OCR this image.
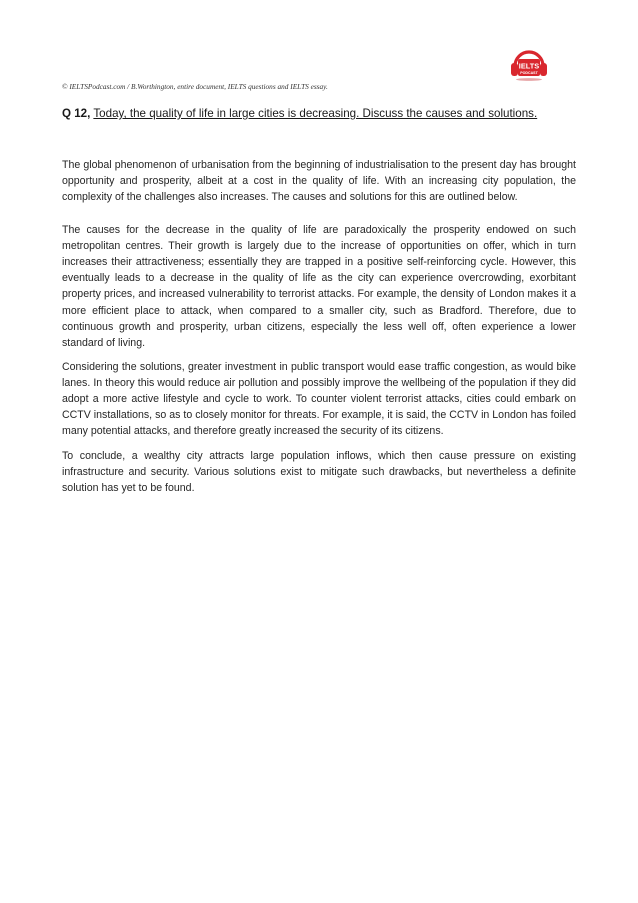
IELTS
PODCAST
© IELTSPodcast.com / B.Worthington, entire document, IELTS questions and IELTS essay.
Q 12, Today, the quality of life in large cities is decreasing. Discuss the causes and solutions.

The global phenomenon of urbanisation from the beginning of industrialisation to the present day has brought opportunity and prosperity, albeit at a cost in the quality of life. With an increasing city population, the complexity of the challenges also increases. The causes and solutions for this are outlined below.

The causes for the decrease in the quality of life are paradoxically the prosperity endowed on such metropolitan centres. Their growth is largely due to the increase of opportunities on offer, which in turn increases their attractiveness; essentially they are trapped in a positive self-reinforcing cycle. However, this eventually leads to a decrease in the quality of life as the city can experience overcrowding, exorbitant property prices, and increased vulnerability to terrorist attacks. For example, the density of London makes it a more efficient place to attack, when compared to a smaller city, such as Bradford. Therefore, due to continuous growth and prosperity, urban citizens, especially the less well off, often experience a lower standard of living.

Considering the solutions, greater investment in public transport would ease traffic congestion, as would bike lanes. In theory this would reduce air pollution and possibly improve the wellbeing of the population if they did adopt a more active lifestyle and cycle to work. To counter violent terrorist attacks, cities could embark on CCTV installations, so as to closely monitor for threats. For example, it is said, the CCTV in London has foiled many potential attacks, and therefore greatly increased the security of its citizens.

To conclude, a wealthy city attracts large population inflows, which then cause pressure on existing infrastructure and security. Various solutions exist to mitigate such drawbacks, but nevertheless a definite solution has yet to be found.
